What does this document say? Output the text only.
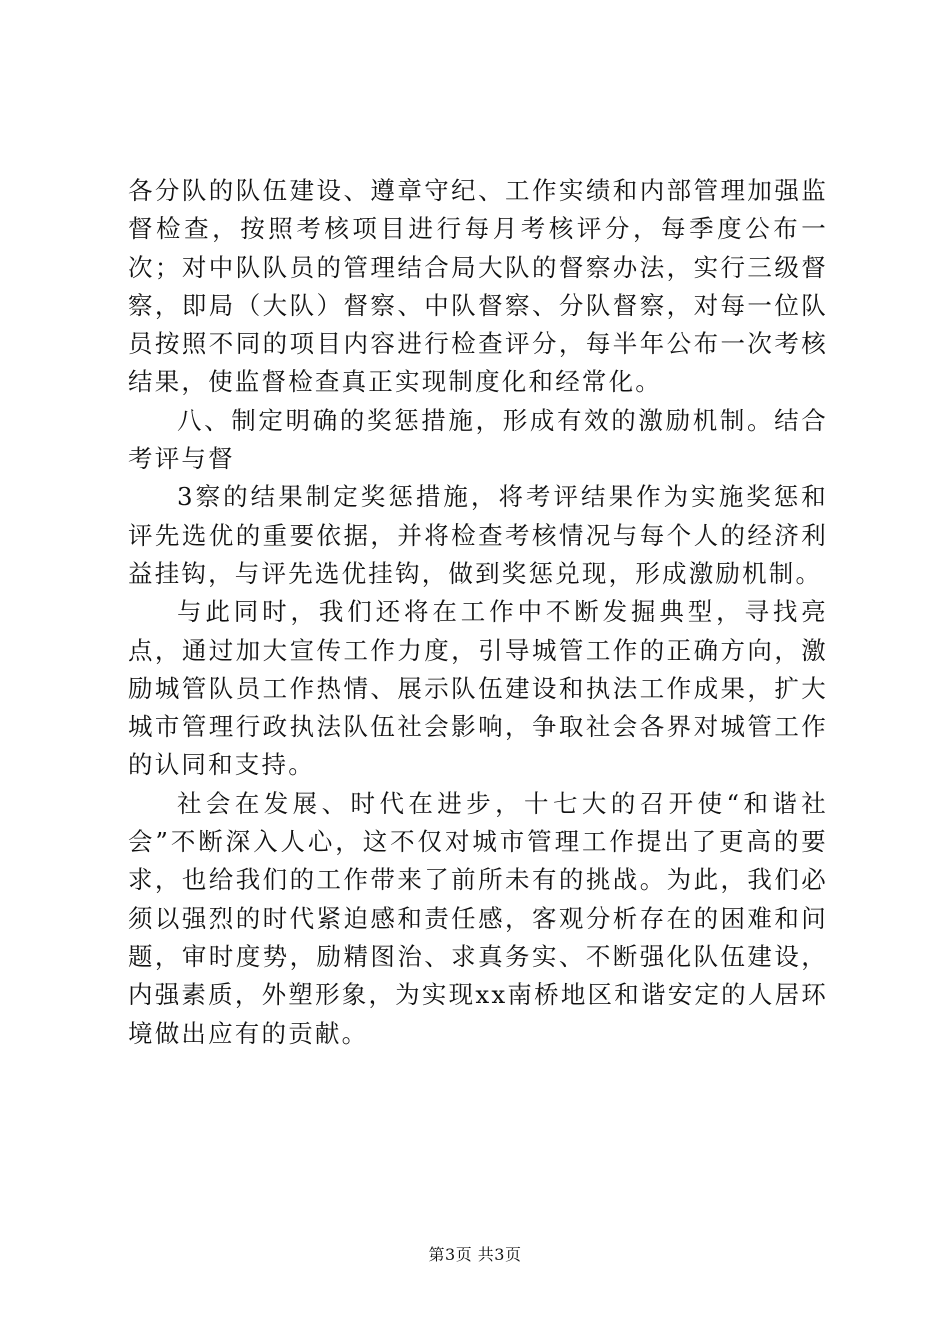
各分队的队伍建设、遵章守纪、工作实绩和内部管理加强监督检查，按照考核项目进行每月考核评分，每季度公布一次；对中队队员的管理结合局大队的督察办法，实行三级督察，即局（大队）督察、中队督察、分队督察，对每一位队员按照不同的项目内容进行检查评分，每半年公布一次考核结果，使监督检查真正实现制度化和经常化。

八、制定明确的奖惩措施，形成有效的激励机制。结合考评与督

3察的结果制定奖惩措施，将考评结果作为实施奖惩和评先选优的重要依据，并将检查考核情况与每个人的经济利益挂钩，与评先选优挂钩，做到奖惩兑现，形成激励机制。

与此同时，我们还将在工作中不断发掘典型，寻找亮点，通过加大宣传工作力度，引导城管工作的正确方向，激励城管队员工作热情、展示队伍建设和执法工作成果，扩大城市管理行政执法队伍社会影响，争取社会各界对城管工作的认同和支持。

社会在发展、时代在进步，十七大的召开使“和谐社会”不断深入人心，这不仅对城市管理工作提出了更高的要求，也给我们的工作带来了前所未有的挑战。为此，我们必须以强烈的时代紧迫感和责任感，客观分析存在的困难和问题，审时度势，励精图治、求真务实、不断强化队伍建设，内强素质，外塑形象，为实现xx南桥地区和谐安定的人居环境做出应有的贡献。

第3页 共3页
